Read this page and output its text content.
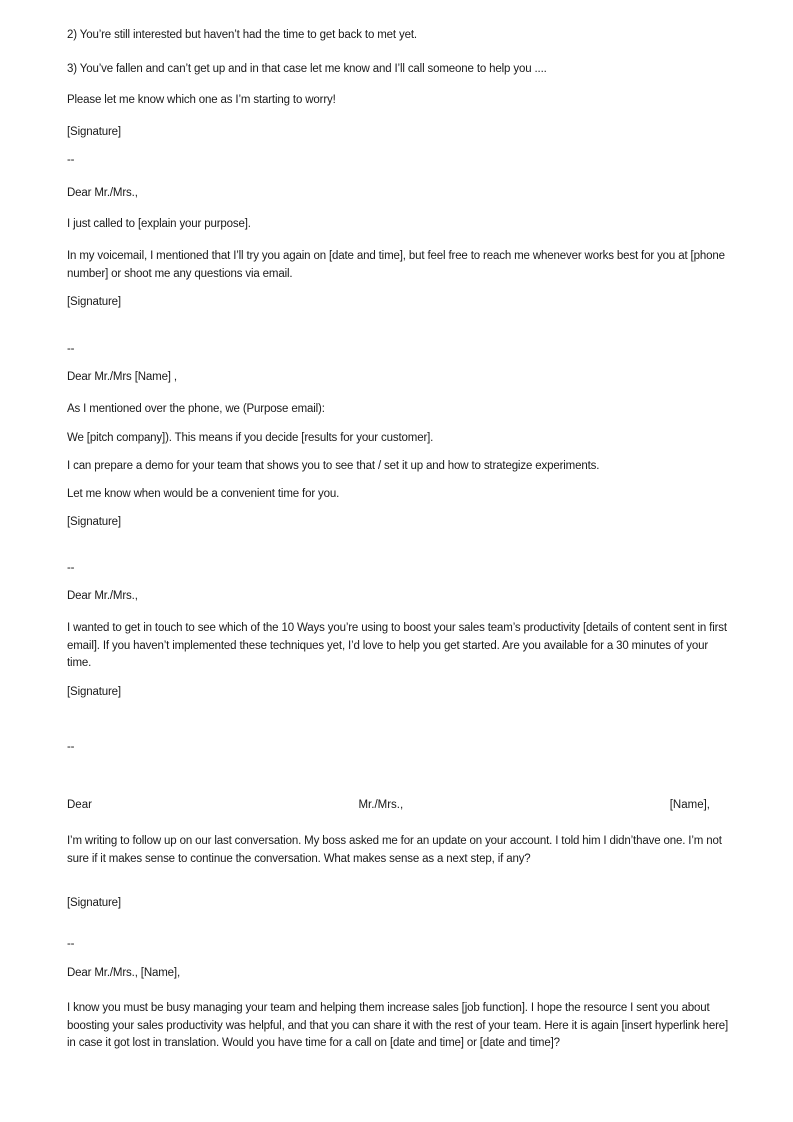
2) You’re still interested but haven’t had the time to get back to met yet.
3) You’ve fallen and can’t get up and in that case let me know and I’ll call someone to help you ....
Please let me know which one as I’m starting to worry!
[Signature]
--
Dear Mr./Mrs.,
I just called to [explain your purpose].
In my voicemail, I mentioned that I’ll try you again on [date and time], but feel free to reach me whenever works best for you at [phone number] or shoot me any questions via email.
[Signature]
--
Dear Mr./Mrs [Name] ,
As I mentioned over the phone, we (Purpose email):
We [pitch company]). This means if you decide [results for your customer].
I can prepare a demo for your team that shows you to see that / set it up and how to strategize experiments.
Let me know when would be a convenient time for you.
[Signature]
--
Dear Mr./Mrs.,
I wanted to get in touch to see which of the 10 Ways you’re using to boost your sales team’s productivity [details of content sent in first email]. If you haven’t implemented these techniques yet, I’d love to help you get started. Are you available for a 30 minutes of your time.
[Signature]
--
Dear	Mr./Mrs.,	[Name],
I’m writing to follow up on our last conversation. My boss asked me for an update on your account. I told him I didn’thave one. I’m not sure if it makes sense to continue the conversation. What makes sense as a next step, if any?
[Signature]
--
Dear Mr./Mrs., [Name],
I know you must be busy managing your team and helping them increase sales [job function]. I hope the resource I sent you about boosting your sales productivity was helpful, and that you can share it with the rest of your team. Here it is again [insert hyperlink here] in case it got lost in translation. Would you have time for a call on [date and time] or [date and time]?
